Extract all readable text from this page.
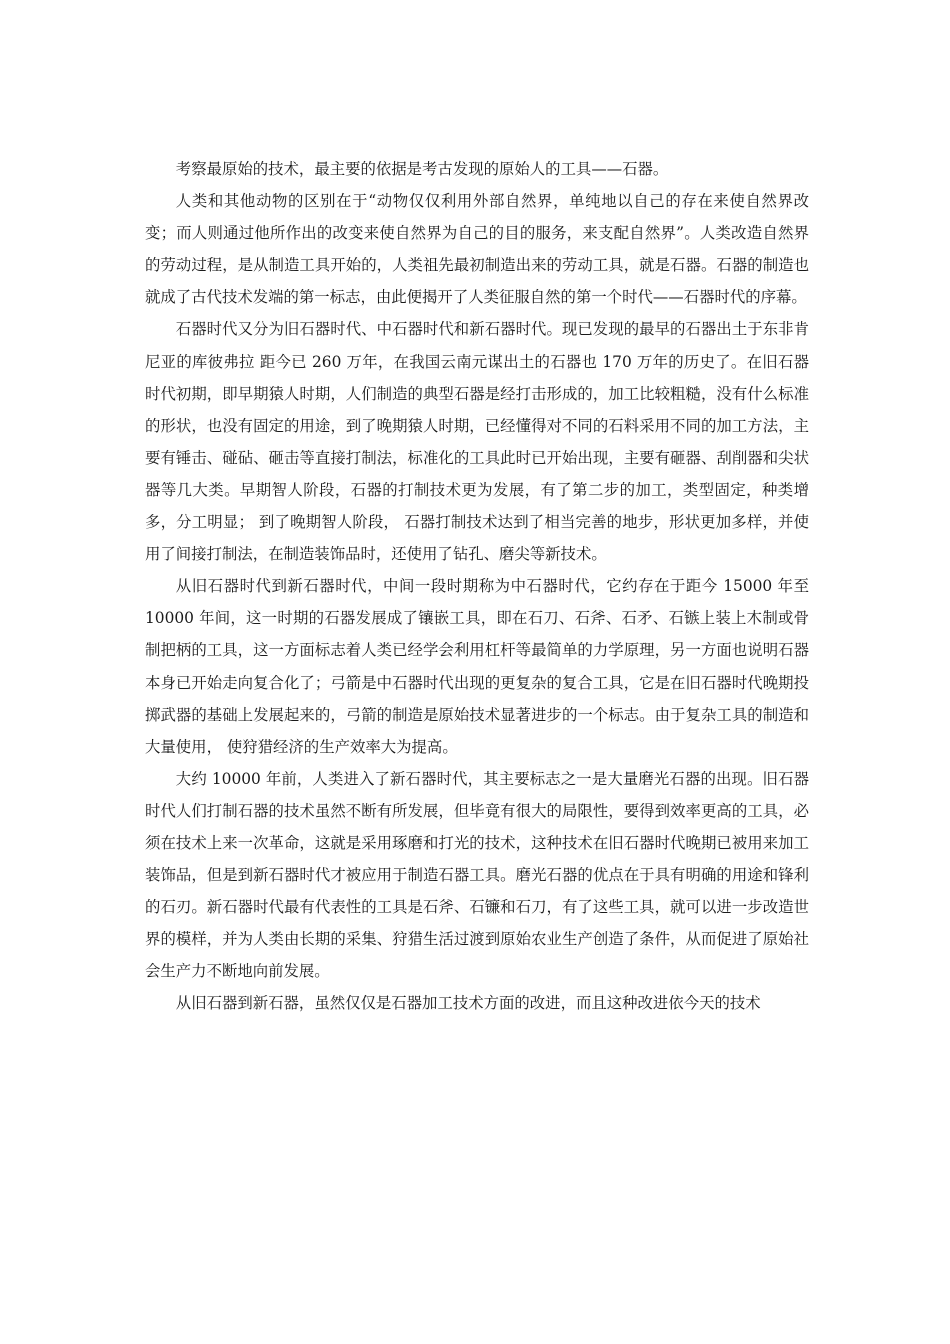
考察最原始的技术，最主要的依据是考古发现的原始人的工具——石器。

人类和其他动物的区别在于“动物仅仅利用外部自然界，单纯地以自己的存在来使自然界改变；而人则通过他所作出的改变来使自然界为自己的目的服务，来支配自然界”。人类改造自然界的劳动过程，是从制造工具开始的，人类祖先最初制造出来的劳动工具，就是石器。石器的制造也就成了古代技术发端的第一标志，由此便揭开了人类征服自然的第一个时代——石器时代的序幕。

石器时代又分为旧石器时代、中石器时代和新石器时代。现已发现的最早的石器出土于东非肯尼亚的库彼弗拉 距今已 260 万年，在我国云南元谋出土的石器也 170 万年的历史了。在旧石器时代初期，即早期猿人时期，人们制造的典型石器是经打击形成的，加工比较粗糙，没有什么标准的形状，也没有固定的用途，到了晚期猿人时期，已经懂得对不同的石料采用不同的加工方法，主要有锤击、碰砧、砸击等直接打制法，标准化的工具此时已开始出现，主要有砸器、刮削器和尖状器等几大类。早期智人阶段，石器的打制技术更为发展，有了第二步的加工，类型固定，种类增多，分工明显； 到了晚期智人阶段， 石器打制技术达到了相当完善的地步，形状更加多样，并使用了间接打制法，在制造装饰品时，还使用了钻孔、磨尖等新技术。

从旧石器时代到新石器时代，中间一段时期称为中石器时代，它约存在于距今 15000 年至 10000 年间，这一时期的石器发展成了镶嵌工具，即在石刀、石斧、石矛、石镞上装上木制或骨制把柄的工具，这一方面标志着人类已经学会利用杠杆等最简单的力学原理，另一方面也说明石器本身已开始走向复合化了；弓箭是中石器时代出现的更复杂的复合工具，它是在旧石器时代晚期投掷武器的基础上发展起来的，弓箭的制造是原始技术显著进步的一个标志。由于复杂工具的制造和大量使用， 使狩猎经济的生产效率大为提高。

大约 10000 年前，人类进入了新石器时代，其主要标志之一是大量磨光石器的出现。旧石器时代人们打制石器的技术虽然不断有所发展，但毕竟有很大的局限性，要得到效率更高的工具，必须在技术上来一次革命，这就是采用琢磨和打光的技术，这种技术在旧石器时代晚期已被用来加工装饰品，但是到新石器时代才被应用于制造石器工具。磨光石器的优点在于具有明确的用途和锋利的石刃。新石器时代最有代表性的工具是石斧、石镰和石刀，有了这些工具，就可以进一步改造世界的模样，并为人类由长期的采集、狩猎生活过渡到原始农业生产创造了条件，从而促进了原始社会生产力不断地向前发展。

从旧石器到新石器，虽然仅仅是石器加工技术方面的改进，而且这种改进依今天的技术
